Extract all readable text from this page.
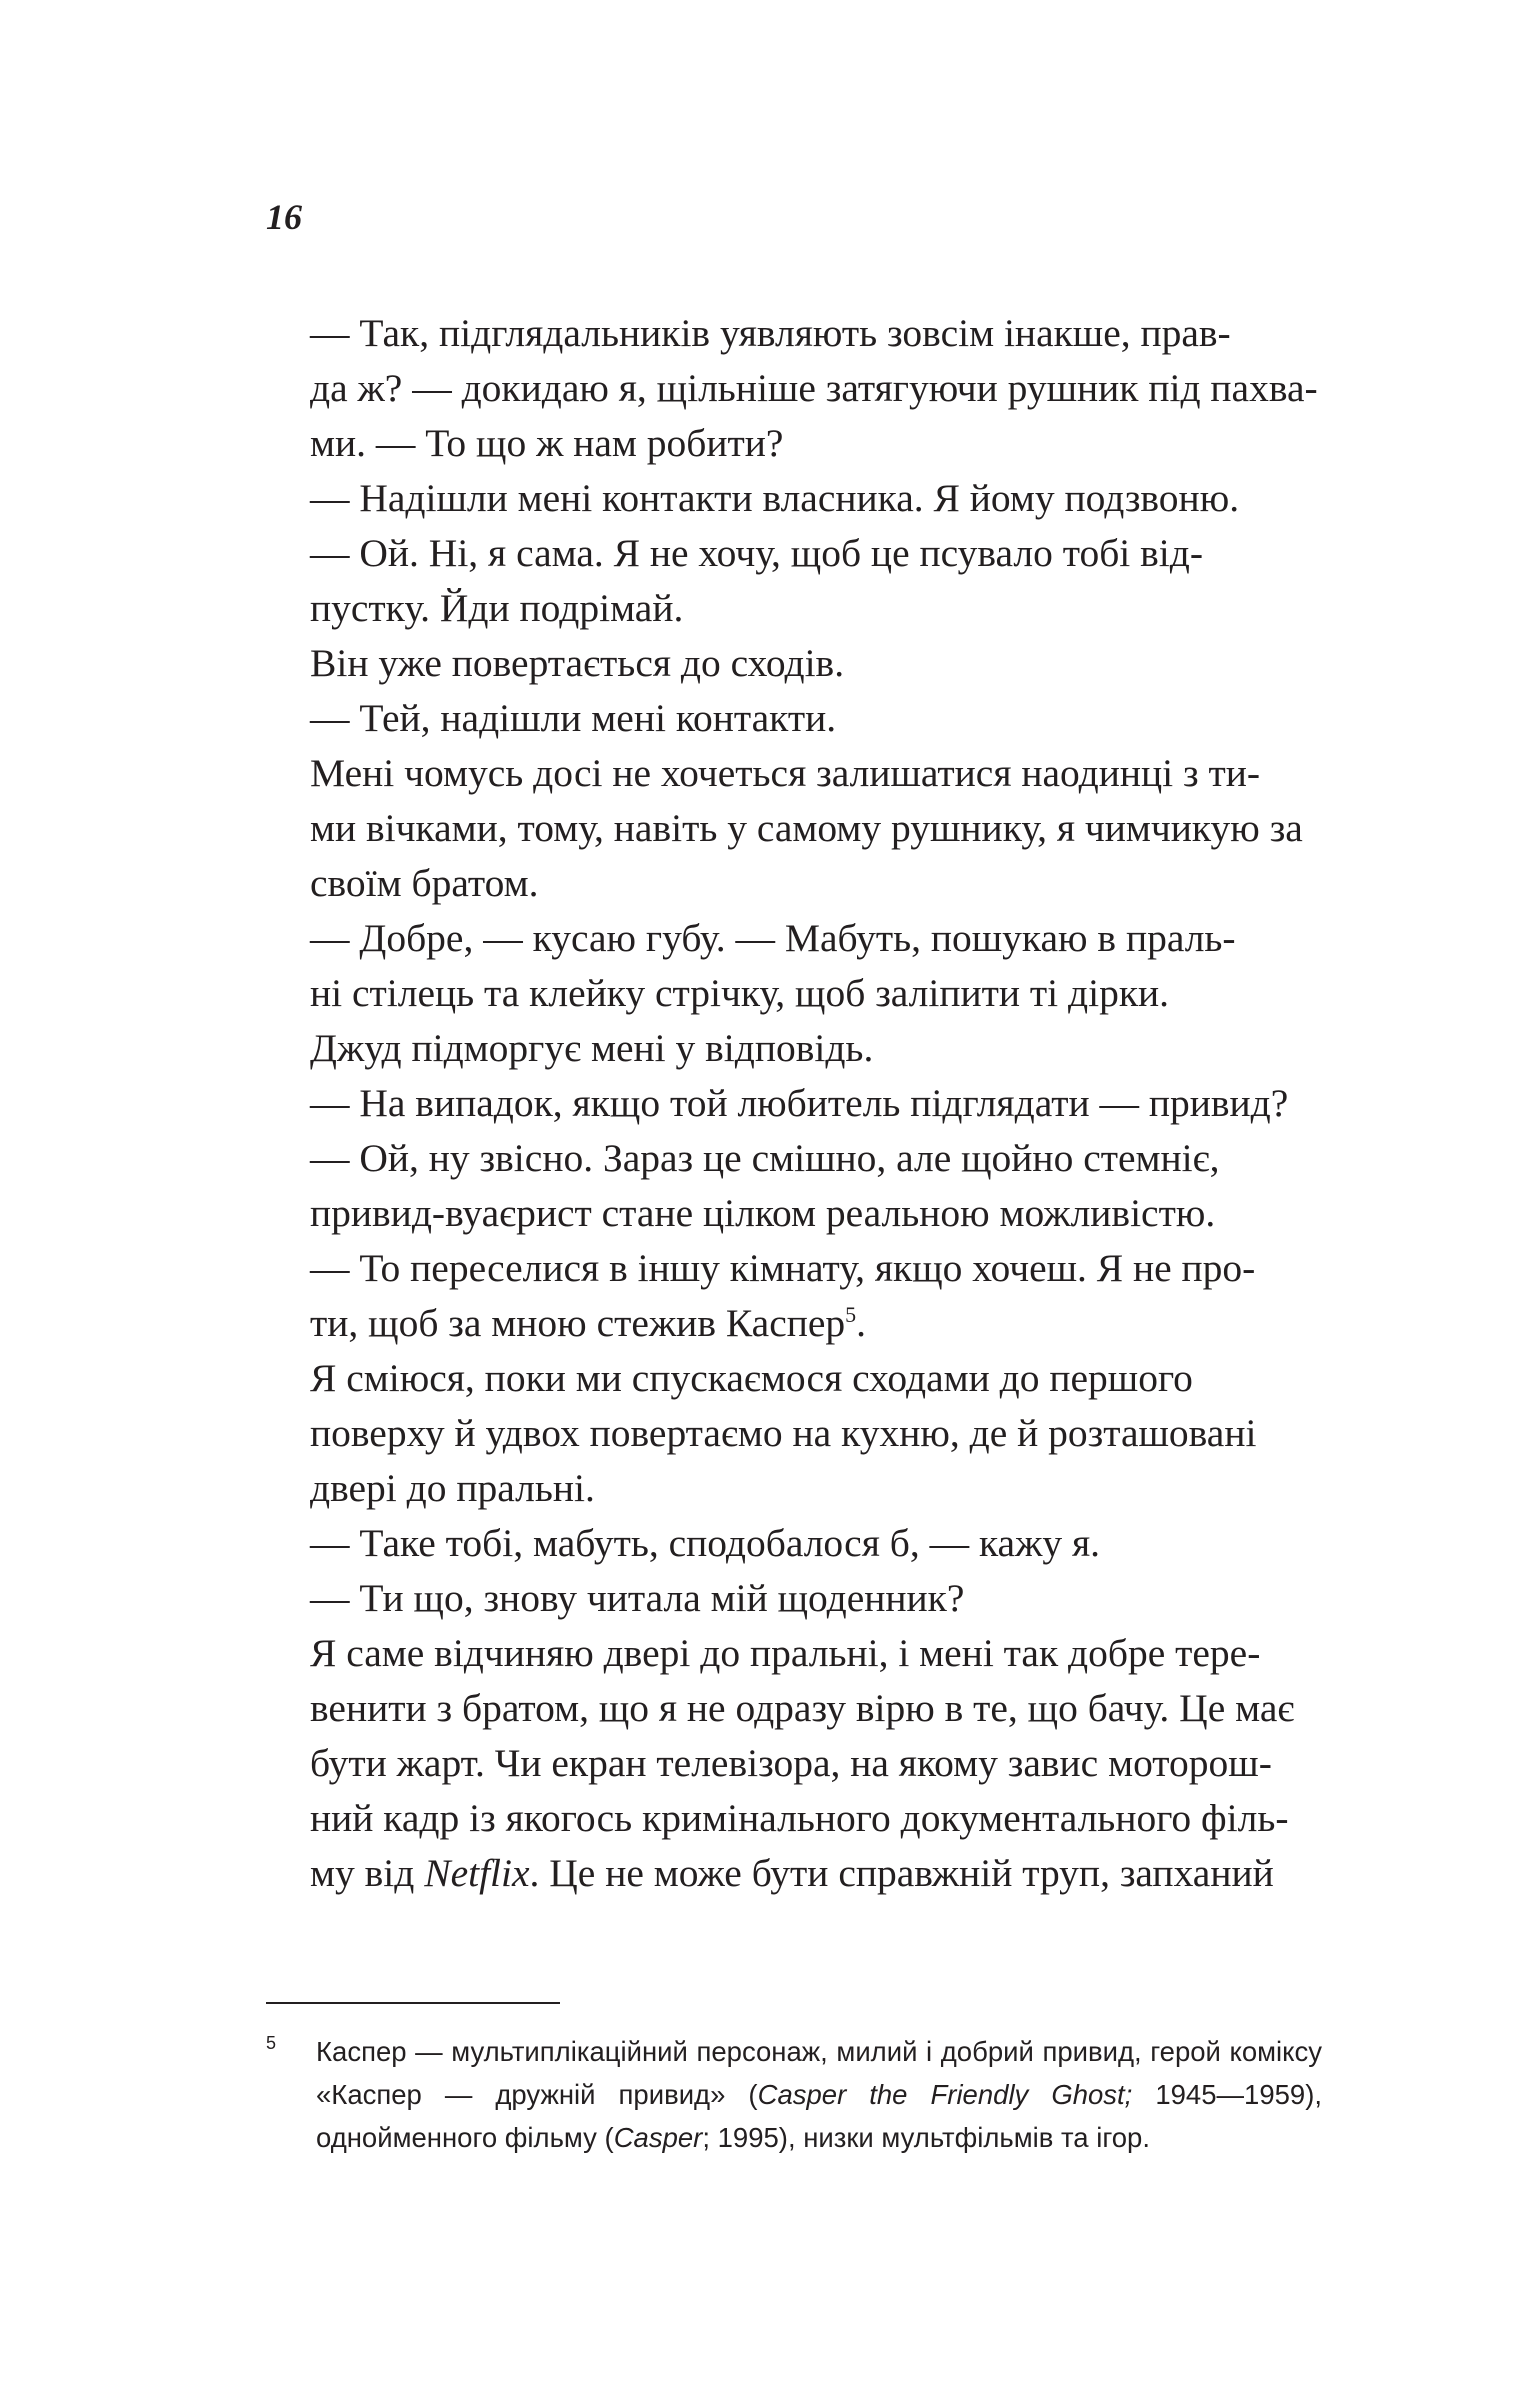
16

— Так, підглядальників уявляють зовсім інакше, прав-
да ж? — докидаю я, щільніше затягуючи рушник під пахва-
ми. — То що ж нам робити?

— Надішли мені контакти власника. Я йому подзвоню.

— Ой. Ні, я сама. Я не хочу, щоб це псувало тобі від-
пустку. Йди подрімай.

Він уже повертається до сходів.

— Тей, надішли мені контакти.

Мені чомусь досі не хочеться залишатися наодинці з ти-
ми вічками, тому, навіть у самому рушнику, я чимчикую за
своїм братом.

— Добре, — кусаю губу. — Мабуть, пошукаю в праль-
ні стілець та клейку стрічку, щоб заліпити ті дірки.

Джуд підморгує мені у відповідь.

— На випадок, якщо той любитель підглядати — привид?

— Ой, ну звісно. Зараз це смішно, але щойно стемніє,
привид-вуаєрист стане цілком реальною можливістю.

— То переселися в іншу кімнату, якщо хочеш. Я не про-
ти, щоб за мною стежив Каспер$^5$.

Я сміюся, поки ми спускаємося сходами до першого
поверху й удвох повертаємо на кухню, де й розташовані
двері до пральні.

— Таке тобі, мабуть, сподобалося б, — кажу я.

— Ти що, знову читала мій щоденник?

Я саме відчиняю двері до пральні, і мені так добре тере-
венити з братом, що я не одразу вірю в те, що бачу. Це має
бути жарт. Чи екран телевізора, на якому завис моторош-
ний кадр із якогось кримінального документального філь-
му від Netflix. Це не може бути справжній труп, запханий

5 Каспер — мультиплікаційний персонаж, милий і добрий привид, герой коміксу «Каспер — дружній привид» (Casper the Friendly Ghost; 1945—1959), однойменного фільму (Casper; 1995), низки мультфільмів та ігор.
